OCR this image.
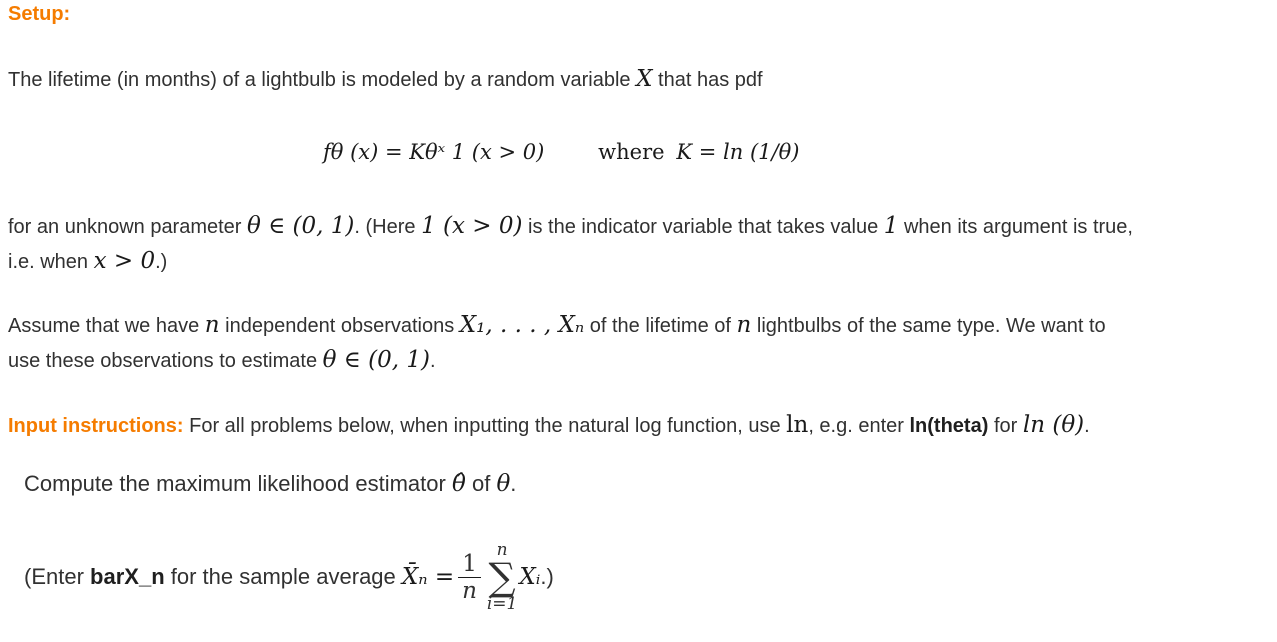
Setup:
The lifetime (in months) of a lightbulb is modeled by a random variable X that has pdf
fθ (x) = Kθˣ 1 (x > 0)	where K = ln (1/θ)
for an unknown parameter θ ∈ (0, 1). (Here 1 (x > 0) is the indicator variable that takes value 1 when its argument is true,
i.e. when x > 0.)
Assume that we have n independent observations X₁, . . . , Xₙ of the lifetime of n lightbulbs of the same type. We want to
use these observations to estimate θ ∈ (0, 1).
Input instructions: For all problems below, when inputting the natural log function, use ln, e.g. enter ln(theta) for ln (θ).
Compute the maximum likelihood estimator θ̂ of θ.
(Enter
barX_n
for the sample average
X̄ₙ = $\frac{1}{n}$
n
∑
i=1
Xᵢ .)
